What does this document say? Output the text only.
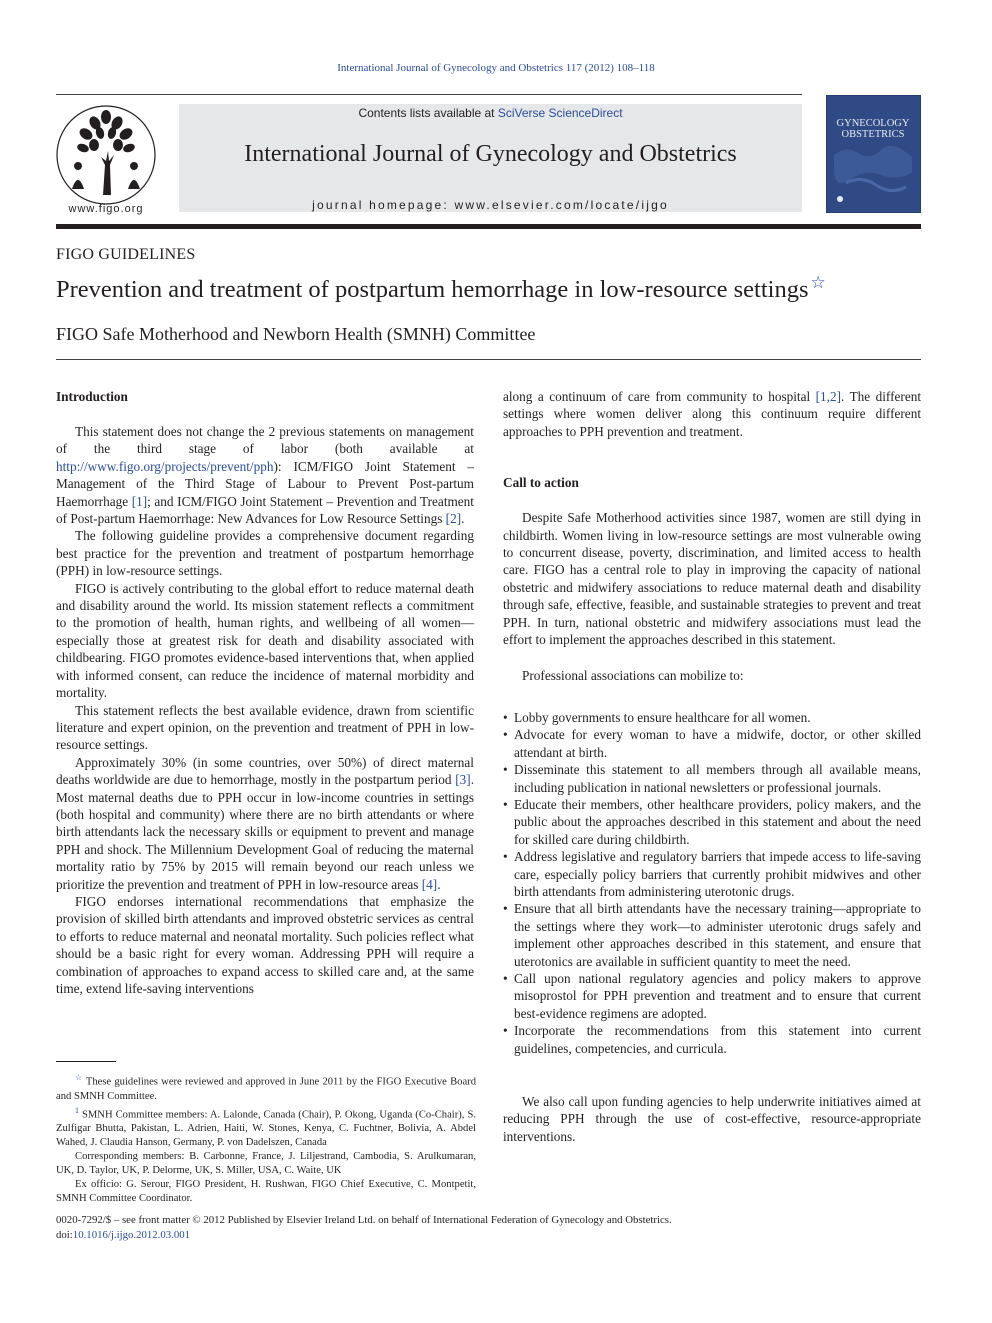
International Journal of Gynecology and Obstetrics 117 (2012) 108–118
www.figo.org
Contents lists available at SciVerse ScienceDirect
International Journal of Gynecology and Obstetrics
journal homepage: www.elsevier.com/locate/ijgo
GYNECOLOGY
OBSTETRICS
FIGO GUIDELINES
Prevention and treatment of postpartum hemorrhage in low-resource settings ☆
FIGO Safe Motherhood and Newborn Health (SMNH) Committee
Introduction

This statement does not change the 2 previous statements on management of the third stage of labor (both available at http://www.figo.org/projects/prevent/pph): ICM/FIGO Joint Statement – Management of the Third Stage of Labour to Prevent Post-partum Haemorrhage [1]; and ICM/FIGO Joint Statement – Prevention and Treatment of Post-partum Haemorrhage: New Advances for Low Resource Settings [2].

The following guideline provides a comprehensive document regarding best practice for the prevention and treatment of postpartum hemorrhage (PPH) in low-resource settings.

FIGO is actively contributing to the global effort to reduce maternal death and disability around the world. Its mission statement reflects a commitment to the promotion of health, human rights, and wellbeing of all women—especially those at greatest risk for death and disability associated with childbearing. FIGO promotes evidence-based interventions that, when applied with informed consent, can reduce the incidence of maternal morbidity and mortality.

This statement reflects the best available evidence, drawn from scientific literature and expert opinion, on the prevention and treatment of PPH in low-resource settings.

Approximately 30% (in some countries, over 50%) of direct maternal deaths worldwide are due to hemorrhage, mostly in the postpartum period [3]. Most maternal deaths due to PPH occur in low-income countries in settings (both hospital and community) where there are no birth attendants or where birth attendants lack the necessary skills or equipment to prevent and manage PPH and shock. The Millennium Development Goal of reducing the maternal mortality ratio by 75% by 2015 will remain beyond our reach unless we prioritize the prevention and treatment of PPH in low-resource areas [4].

FIGO endorses international recommendations that emphasize the provision of skilled birth attendants and improved obstetric services as central to efforts to reduce maternal and neonatal mortality. Such policies reflect what should be a basic right for every woman. Addressing PPH will require a combination of approaches to expand access to skilled care and, at the same time, extend life-saving interventions

along a continuum of care from community to hospital [1,2]. The different settings where women deliver along this continuum require different approaches to PPH prevention and treatment.

Call to action

Despite Safe Motherhood activities since 1987, women are still dying in childbirth. Women living in low-resource settings are most vulnerable owing to concurrent disease, poverty, discrimination, and limited access to health care. FIGO has a central role to play in improving the capacity of national obstetric and midwifery associations to reduce maternal death and disability through safe, effective, feasible, and sustainable strategies to prevent and treat PPH. In turn, national obstetric and midwifery associations must lead the effort to implement the approaches described in this statement.

Professional associations can mobilize to:

• Lobby governments to ensure healthcare for all women.
• Advocate for every woman to have a midwife, doctor, or other skilled attendant at birth.
• Disseminate this statement to all members through all available means, including publication in national newsletters or professional journals.
• Educate their members, other healthcare providers, policy makers, and the public about the approaches described in this statement and about the need for skilled care during childbirth.
• Address legislative and regulatory barriers that impede access to life-saving care, especially policy barriers that currently prohibit midwives and other birth attendants from administering uterotonic drugs.
• Ensure that all birth attendants have the necessary training—appropriate to the settings where they work—to administer uterotonic drugs safely and implement other approaches described in this statement, and ensure that uterotonics are available in sufficient quantity to meet the need.
• Call upon national regulatory agencies and policy makers to approve misoprostol for PPH prevention and treatment and to ensure that current best-evidence regimens are adopted.
• Incorporate the recommendations from this statement into current guidelines, competencies, and curricula.

We also call upon funding agencies to help underwrite initiatives aimed at reducing PPH through the use of cost-effective, resource-appropriate interventions.

☆ These guidelines were reviewed and approved in June 2011 by the FIGO Executive Board and SMNH Committee.

$^1$ SMNH Committee members: A. Lalonde, Canada (Chair), P. Okong, Uganda (Co-Chair), S. Zulfigar Bhutta, Pakistan, L. Adrien, Haiti, W. Stones, Kenya, C. Fuchtner, Bolivia, A. Abdel Wahed, J. Claudia Hanson, Germany, P. von Dadelszen, Canada

Corresponding members: B. Carbonne, France, J. Liljestrand, Cambodia, S. Arulkumaran, UK, D. Taylor, UK, P. Delorme, UK, S. Miller, USA, C. Waite, UK

Ex officio: G. Serour, FIGO President, H. Rushwan, FIGO Chief Executive, C. Montpetit, SMNH Committee Coordinator.

0020-7292/$ – see front matter © 2012 Published by Elsevier Ireland Ltd. on behalf of International Federation of Gynecology and Obstetrics.
doi:10.1016/j.ijgo.2012.03.001
